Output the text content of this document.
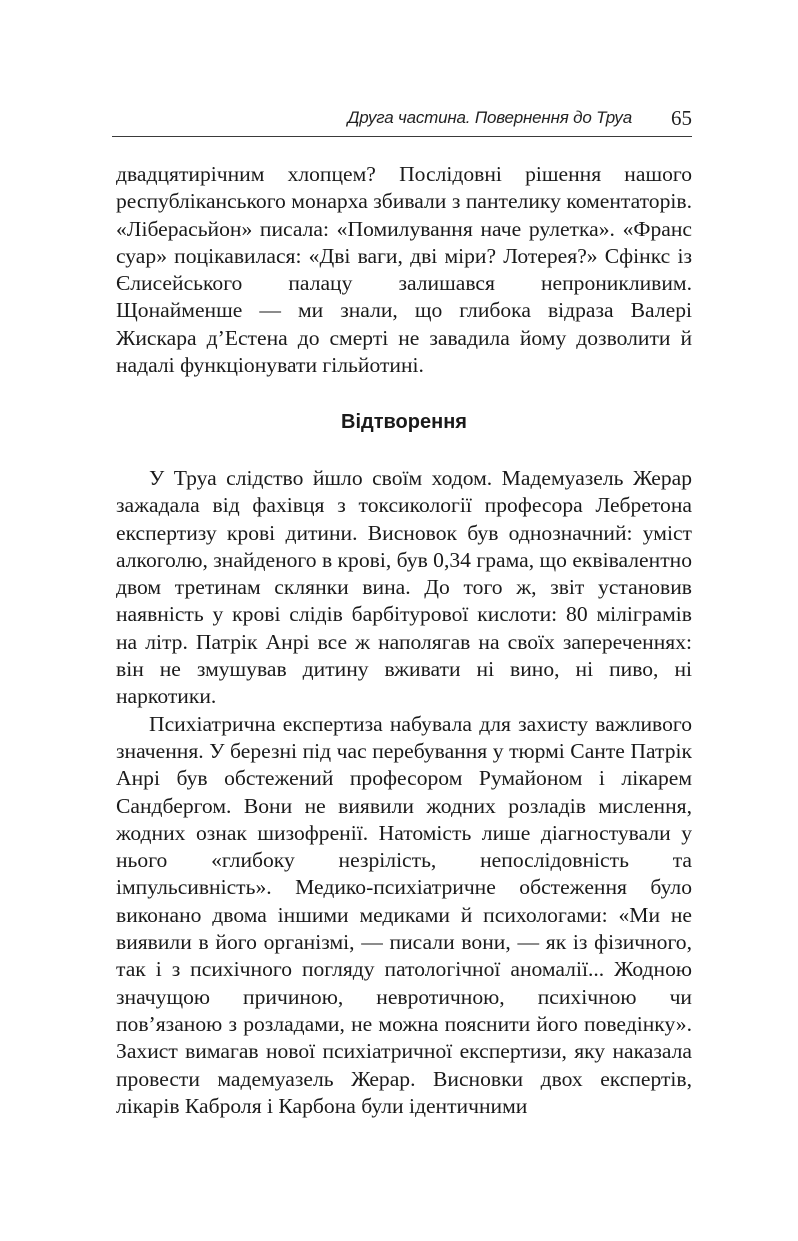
Друга частина. Повернення до Труа 65

двадцятирічним хлопцем? Послідовні рішення нашого республіканського монарха збивали з пантелику коментаторів. «Ліберасьйон» писала: «Помилування наче рулетка». «Франс суар» поцікавилася: «Дві ваги, дві міри? Лотерея?» Сфінкс із Єлисейського палацу залишався непроникливим. Щонайменше — ми знали, що глибока відраза Валері Жискара д’Естена до смерті не завадила йому дозволити й надалі функціонувати гільйотині.

Відтворення

У Труа слідство йшло своїм ходом. Мадемуазель Жерар зажадала від фахівця з токсикології професора Лебретона експертизу крові дитини. Висновок був однозначний: уміст алкоголю, знайденого в крові, був 0,34 грама, що еквівалентно двом третинам склянки вина. До того ж, звіт установив наявність у крові слідів барбітурової кислоти: 80 міліграмів на літр. Патрік Анрі все ж наполягав на своїх запереченнях: він не змушував дитину вживати ні вино, ні пиво, ні наркотики.

Психіатрична експертиза набувала для захисту важливого значення. У березні під час перебування у тюрмі Санте Патрік Анрі був обстежений професором Румайоном і лікарем Сандбергом. Вони не виявили жодних розладів мислення, жодних ознак шизофренії. Натомість лише діагностували у нього «глибоку незрілість, непослідовність та імпульсивність». Медико-психіатричне обстеження було виконано двома іншими медиками й психологами: «Ми не виявили в його організмі, — писали вони, — як із фізичного, так і з психічного погляду патологічної аномалії... Жодною значущою причиною, невротичною, психічною чи пов’язаною з розладами, не можна пояснити його поведінку». Захист вимагав нової психіатричної експертизи, яку наказала провести мадемуазель Жерар. Висновки двох експертів, лікарів Каброля і Карбона були ідентичними
